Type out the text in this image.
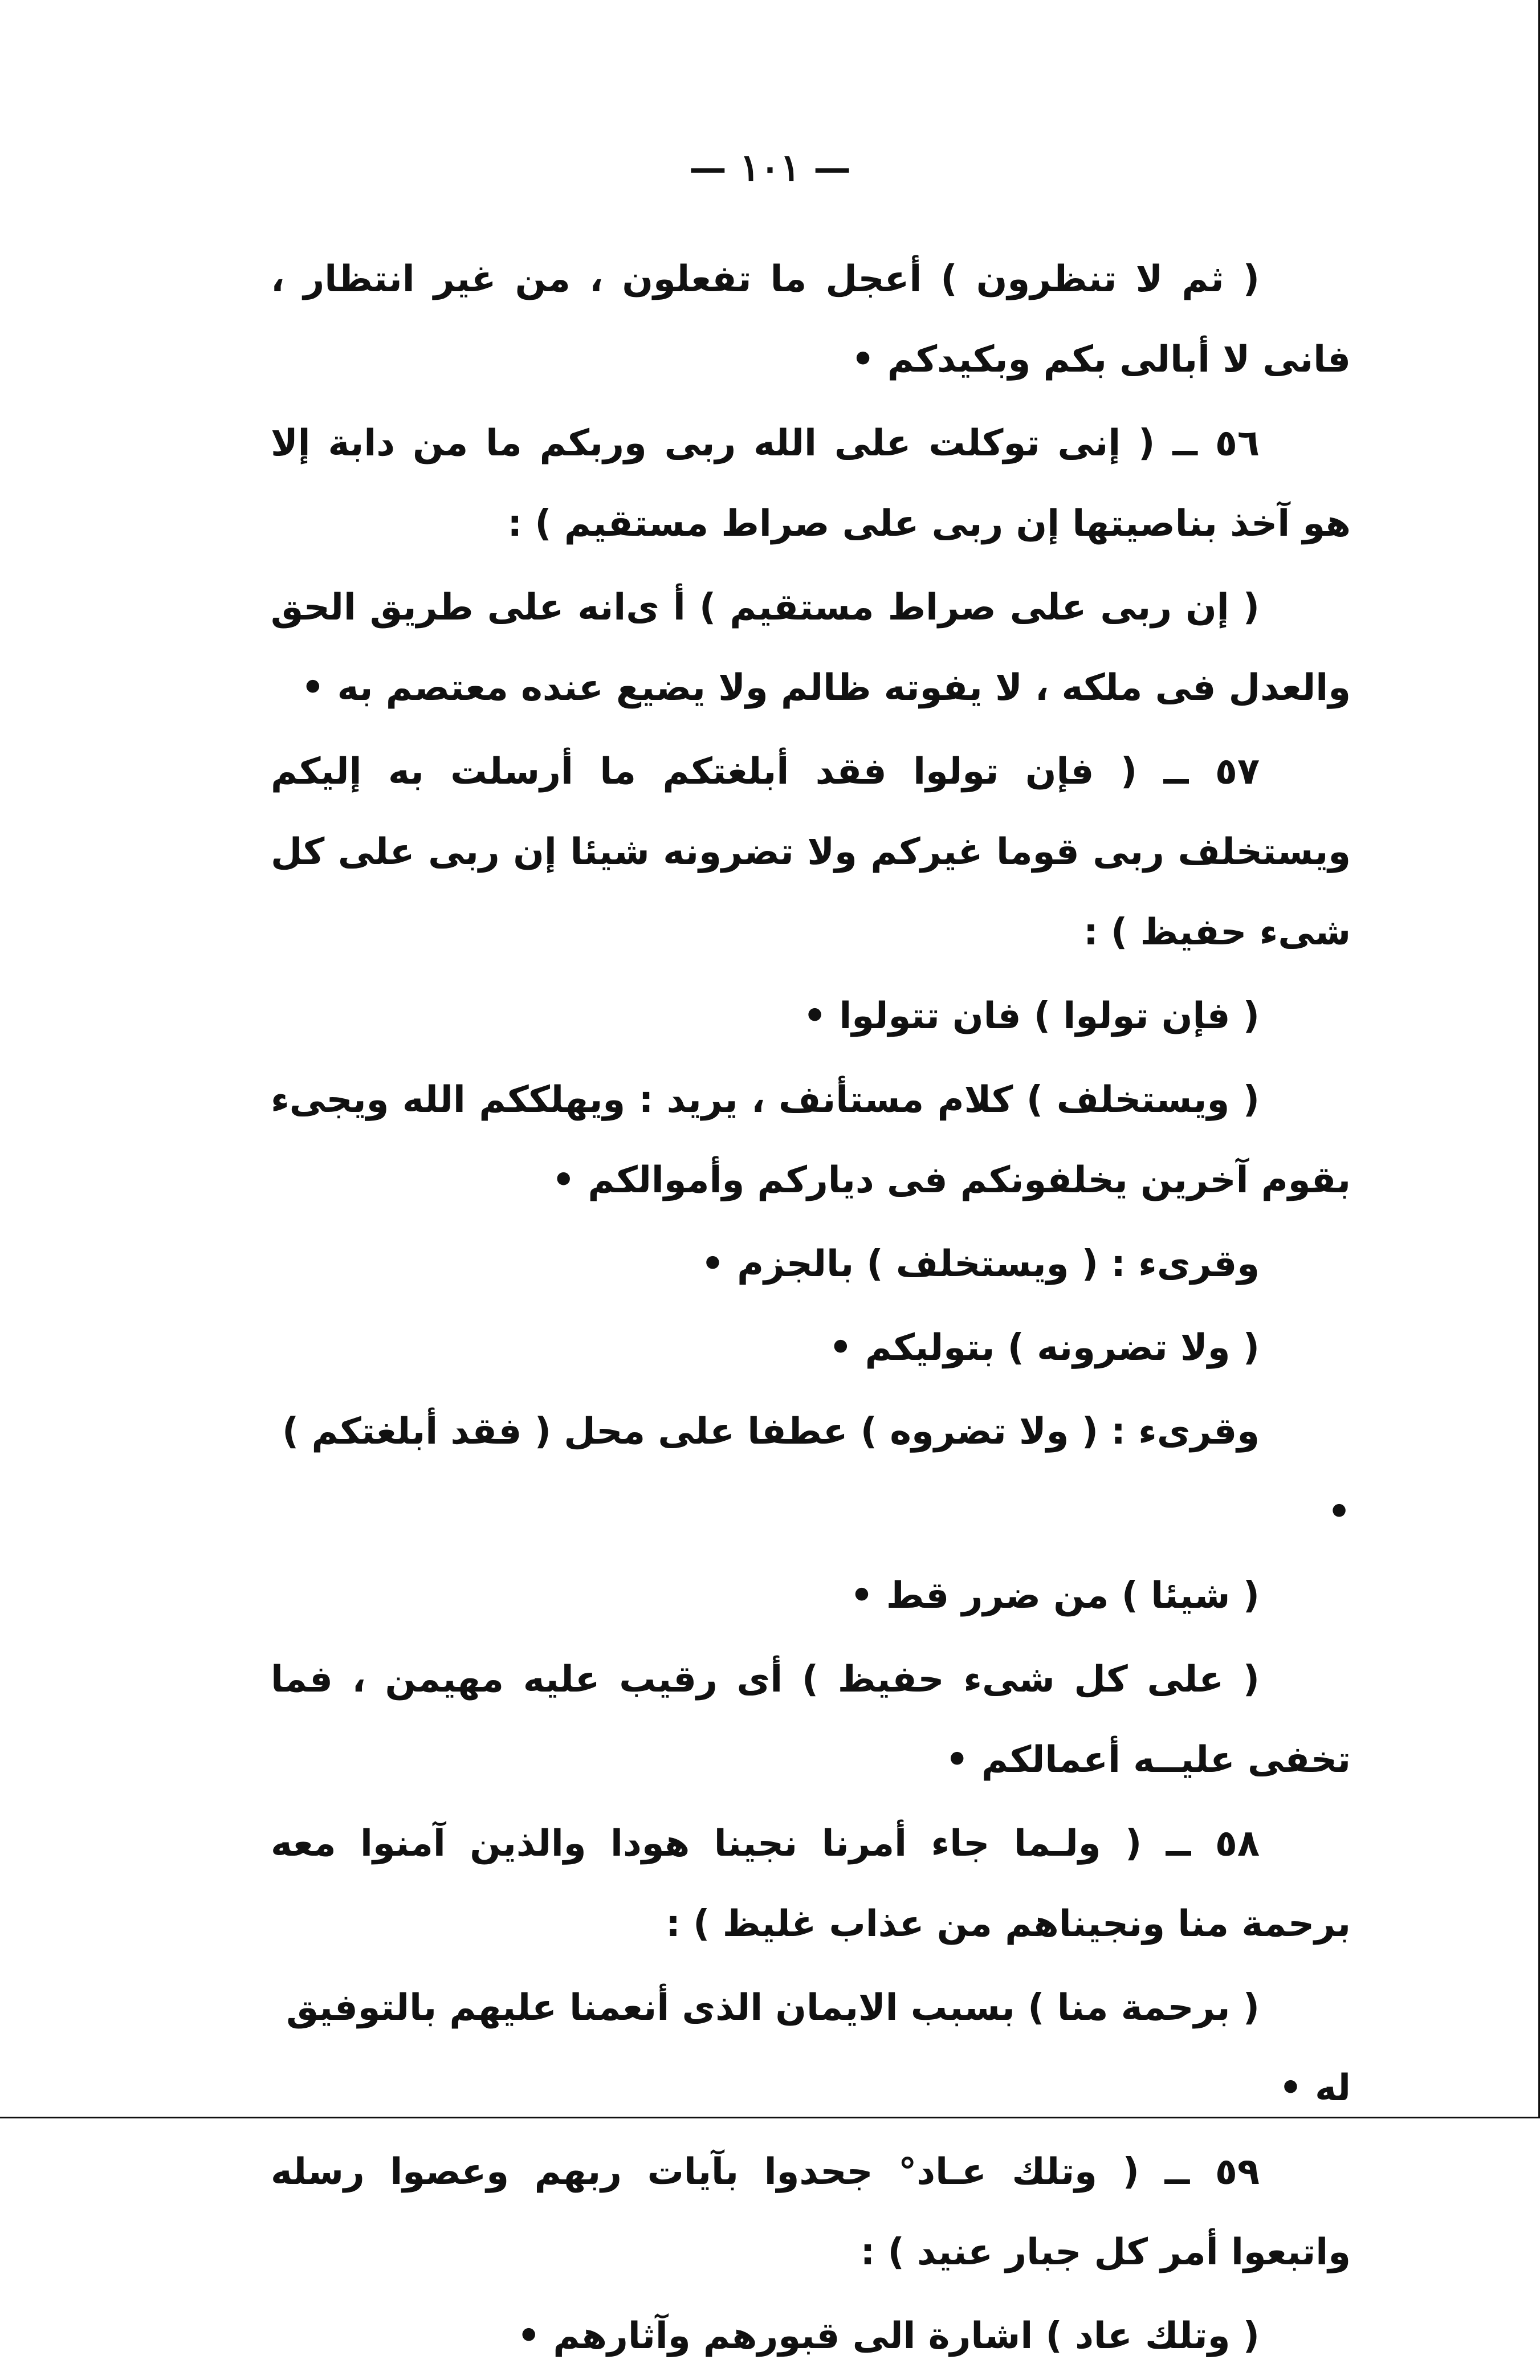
— ١٠١ —

( ثم لا تنظرون ) أعجل ما تفعلون ، من غير انتظار ، فانى لا أبالى بكم وبكيدكم •

٥٦ ــ ( إنى توكلت على الله ربى وربكم ما من دابة إلا هو آخذ بناصيتها إن ربى على صراط مستقيم ) :

( إن ربى على صراط مستقيم ) أ ى‌انه على طريق الحق والعدل فى ملكه ، لا يفوته ظالم ولا يضيع عنده معتصم به •

٥٧ ــ ( فإن تولوا فقد أبلغتكم ما أرسلت به إليكم ويستخلف ربى قوما غيركم ولا تضرونه شيئا إن ربى على كل شىء حفيظ ) :

( فإن تولوا ) فان تتولوا •

( ويستخلف ) كلام مستأنف ، يريد : ويهلككم الله ويجىء بقوم آخرين يخلفونكم فى دياركم وأموالكم •

وقرىء : ( ويستخلف ) بالجزم •

( ولا تضرونه ) بتوليكم •

وقرىء : ( ولا تضروه ) عطفا على محل ( فقد أبلغتكم ) •

( شيئا ) من ضرر قط •

( على كل شىء حفيظ ) أى رقيب عليه مهيمن ، فما تخفى عليــه أعمالكم •

٥٨ ــ ( ولـما جاء أمرنا نجينا هودا والذين آمنوا معه برحمة منا ونجيناهم من عذاب غليظ ) :

( برحمة منا ) بسبب الايمان الذى أنعمنا عليهم بالتوفيق له •

٥٩ ــ ( وتلك عـاد° جحدوا بآيات ربهم وعصوا رسله واتبعوا أمر كل جبار عنيد ) :

( وتلك عاد ) اشارة الى قبورهم وآثارهم •
